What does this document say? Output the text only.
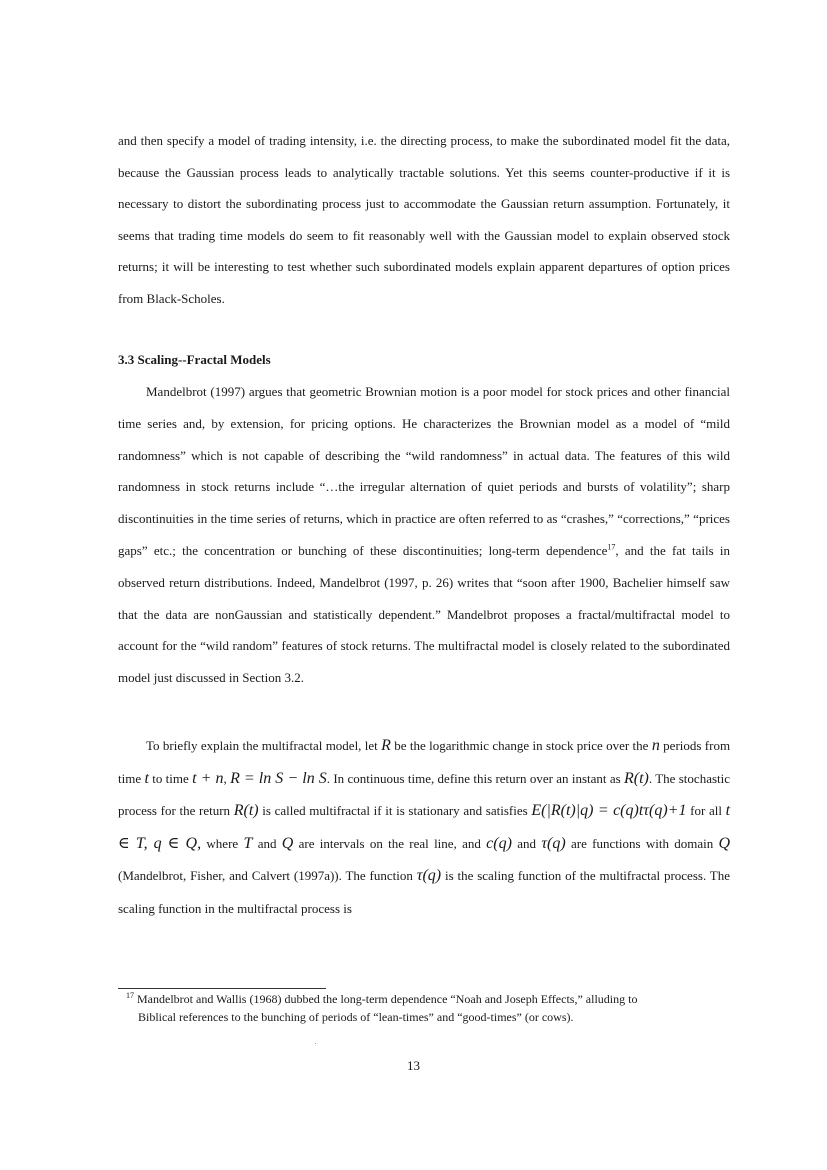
and then specify a model of trading intensity, i.e. the directing process, to make the subordinated model fit the data, because the Gaussian process leads to analytically tractable solutions. Yet this seems counter-productive if it is necessary to distort the subordinating process just to accommodate the Gaussian return assumption. Fortunately, it seems that trading time models do seem to fit reasonably well with the Gaussian model to explain observed stock returns; it will be interesting to test whether such subordinated models explain apparent departures of option prices from Black-Scholes.

3.3 Scaling--Fractal Models

Mandelbrot (1997) argues that geometric Brownian motion is a poor model for stock prices and other financial time series and, by extension, for pricing options. He characterizes the Brownian model as a model of “mild randomness” which is not capable of describing the “wild randomness” in actual data. The features of this wild randomness in stock returns include “…the irregular alternation of quiet periods and bursts of volatility”; sharp discontinuities in the time series of returns, which in practice are often referred to as “crashes,” “corrections,” “prices gaps” etc.; the concentration or bunching of these discontinuities; long-term dependence$^{17}$, and the fat tails in observed return distributions. Indeed, Mandelbrot (1997, p. 26) writes that “soon after 1900, Bachelier himself saw that the data are nonGaussian and statistically dependent.” Mandelbrot proposes a fractal/multifractal model to account for the “wild random” features of stock returns. The multifractal model is closely related to the subordinated model just discussed in Section 3.2.

To briefly explain the multifractal model, let R be the logarithmic change in stock price over the n periods from time t to time t + n, R = ln S − ln S. In continuous time, define this return over an instant as R(t). The stochastic process for the return R(t) is called multifractal if it is stationary and satisfies E(|R(t)|q) = c(q)tτ(q)+1 for all t ∈ T, q ∈ Q, where T and Q are intervals on the real line, and c(q) and τ(q) are functions with domain Q (Mandelbrot, Fisher, and Calvert (1997a)). The function τ(q) is the scaling function of the multifractal process. The scaling function in the multifractal process is

$^{17}$ Mandelbrot and Wallis (1968) dubbed the long-term dependence “Noah and Joseph Effects,” alluding to
Biblical references to the bunching of periods of “lean-times” and “good-times” (or cows).

13
